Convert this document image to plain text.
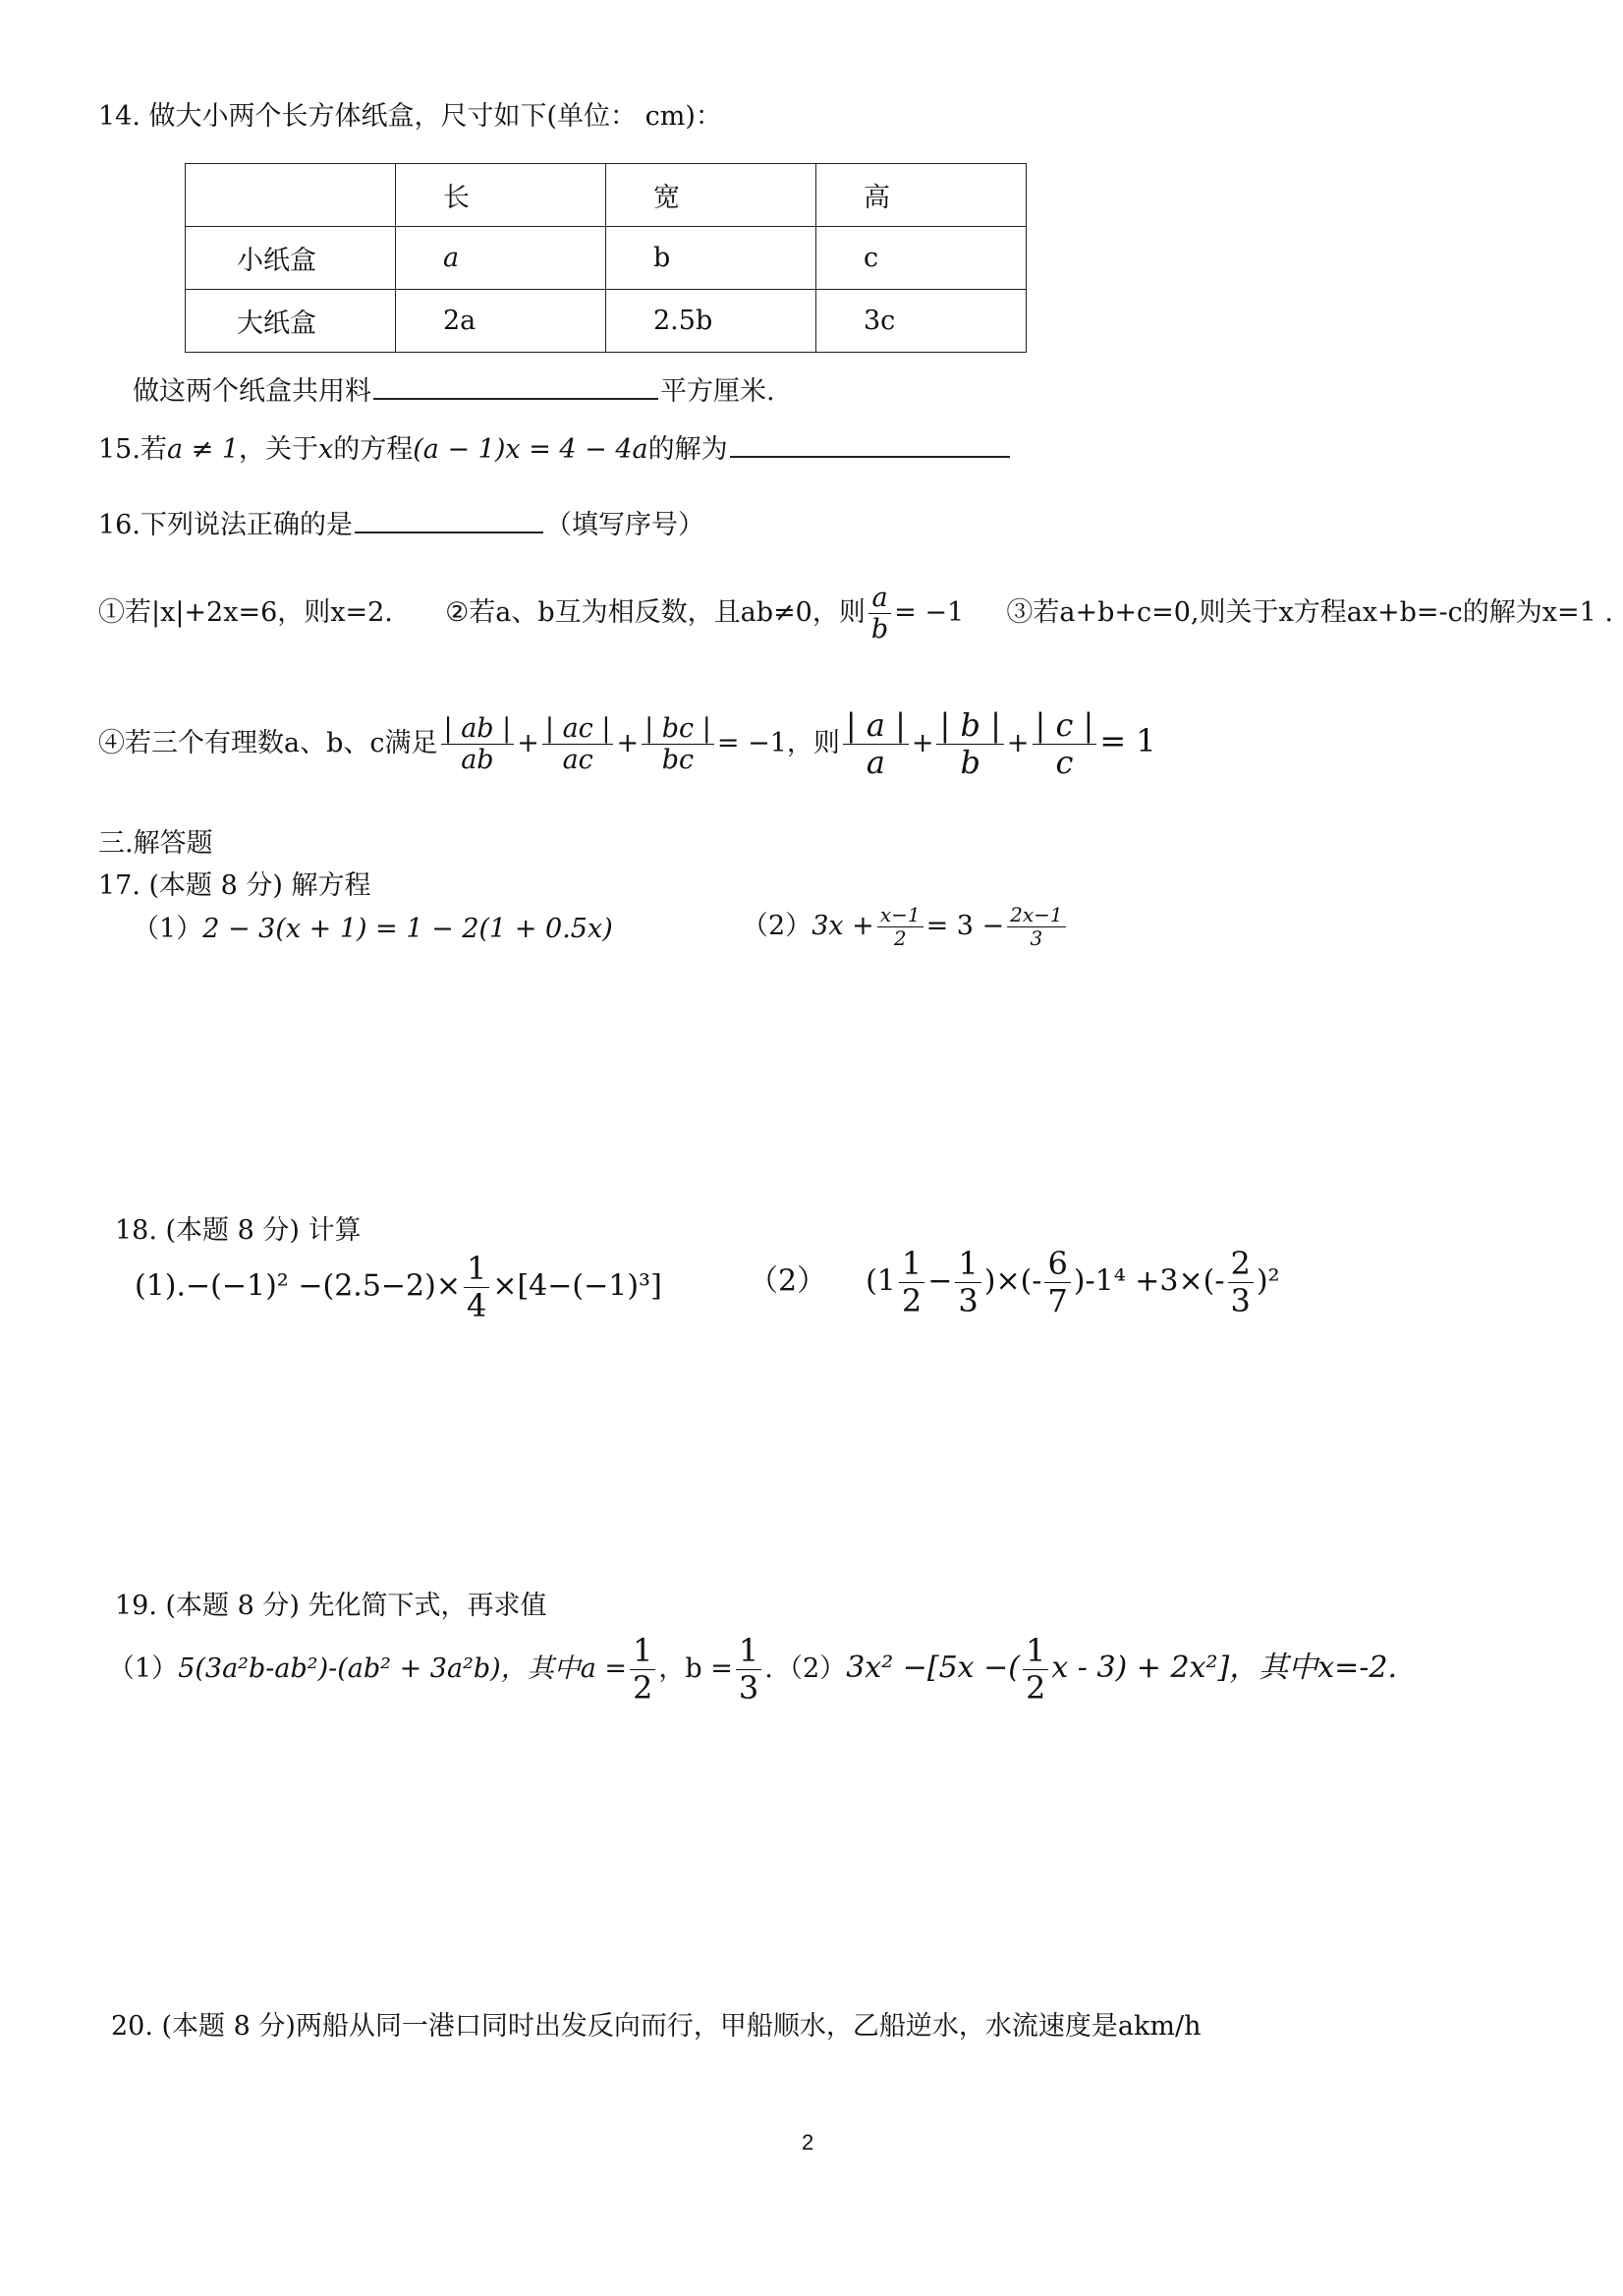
14. 做大小两个长方体纸盒，尺寸如下(单位： cm)：
	长	宽	高
小纸盒	a	b	c
大纸盒	2a	2.5b	3c
做这两个纸盒共用料	平方厘米.
15.若a ≠ 1，关于x的方程(a − 1)x = 4 − 4a的解为
16.下列说法正确的是	（填写序号）
①若|x|+2x=6，则x=2. ②若a、b互为相反数，且ab≠0，则 $\frac{a}{b} = -1$ ③若a+b+c=0,则关于x方程ax+b=-c的解为x=1 .
④若三个有理数a、b、c满足 $\frac{| ab |}{ab} + \frac{| ac |}{ac} + \frac{| bc |}{bc} = -1$，则 $\frac{| a |}{a} + \frac{| b |}{b} + \frac{| c |}{c} = 1$
三.解答题
17. (本题 8 分) 解方程
（1）2 − 3(x + 1) = 1 − 2(1 + 0.5x)	$(2)3x + \frac{x-1}{2} = 3 - \frac{2x-1}{3}$
18. (本题 8 分) 计算
$(1).-(-1)^2 -(2.5-2)\times \frac{1}{4} \times[4-(-1)^3]$	（2） ($1 \frac{1}{2} - \frac{1}{3}$ )×(- $\frac{6}{7} )-1^4 +3\times(- \frac{2}{3} )^2$
19. (本题 8 分) 先化简下式，再求值
（1）5(3a²b-ab²)-(ab² + 3a²b)，其中$a = \frac{1}{2}$ ，$b = \frac{1}{3}$ . （2）3x² −[5x −( $\frac{1}{2}$ x - 3) + 2x²]，其中x=-2.
20. (本题 8 分)两船从同一港口同时出发反向而行，甲船顺水，乙船逆水，水流速度是akm/h
2
